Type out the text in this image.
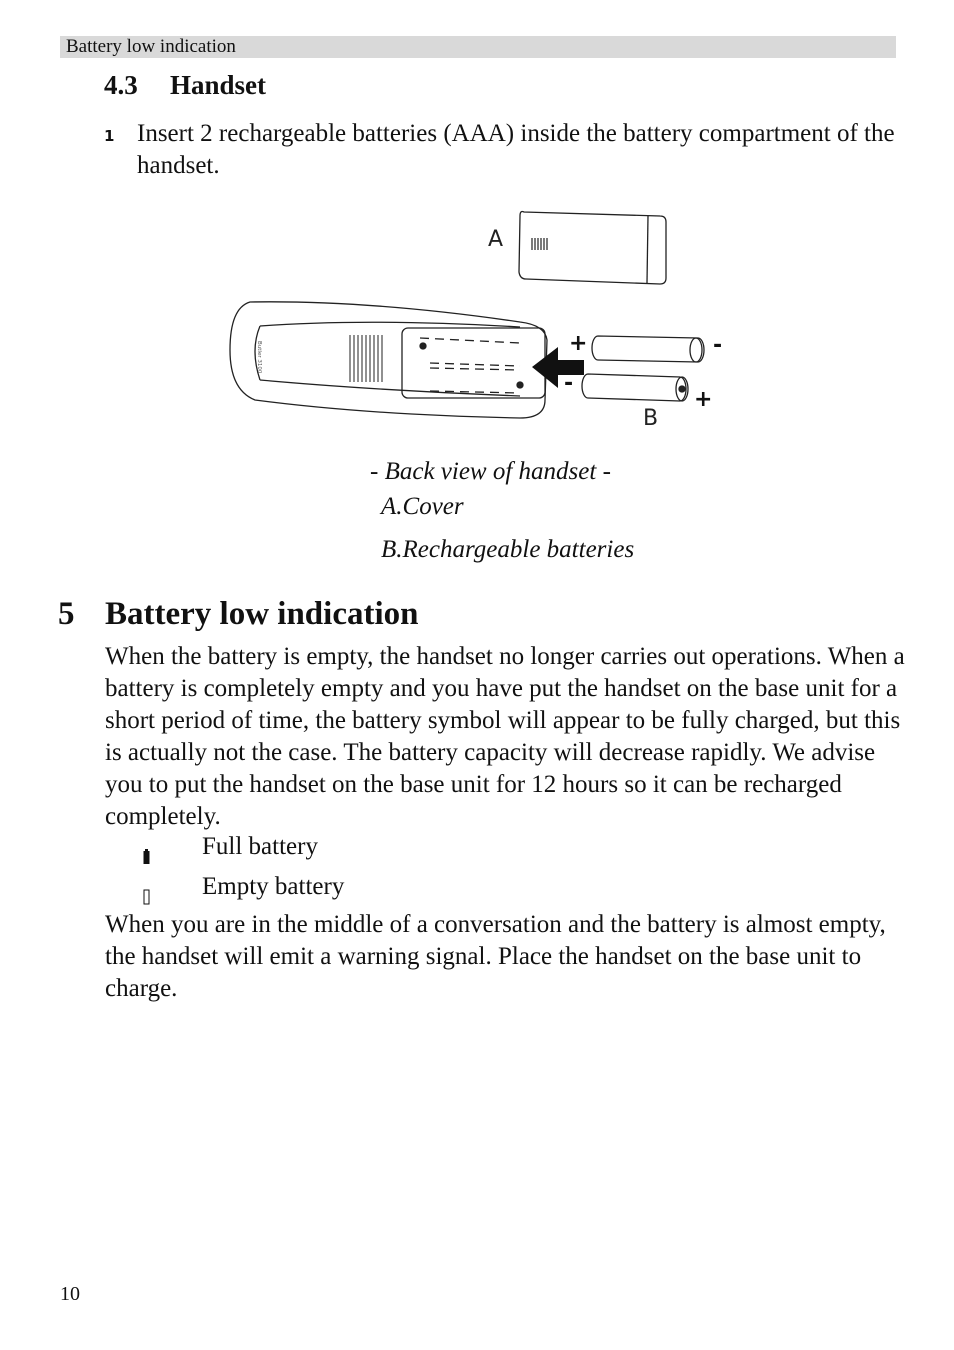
Battery low indication
4.3 Handset
1 Insert 2 rechargeable batteries (AAA) inside the battery compartment of the handset.
A
Butler 3100	+	-
-
+
B
- Back view of handset -
A.Cover
B.Rechargeable batteries
5 Battery low indication
When the battery is empty, the handset no longer carries out operations. When a battery is completely empty and you have put the handset on the base unit for a short period of time, the battery symbol will appear to be fully charged, but this is actually not the case. The battery capacity will decrease rapidly. We advise you to put the handset on the base unit for 12 hours so it can be recharged completely.
Full battery
Empty battery
When you are in the middle of a conversation and the battery is almost empty, the handset will emit a warning signal. Place the handset on the base unit to charge.
10
